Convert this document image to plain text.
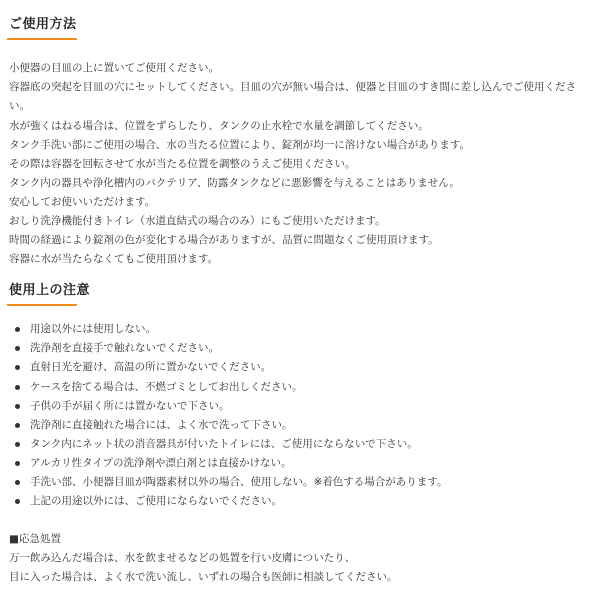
ご使用方法
小便器の目皿の上に置いてご使用ください。
容器底の突起を目皿の穴にセットしてください。目皿の穴が無い場合は、便器と目皿のすき間に差し込んでご使用くださ
い。
水が強くはねる場合は、位置をずらしたり、タンクの止水栓で水量を調節してください。
タンク手洗い部にご使用の場合、水の当たる位置により、錠剤が均一に溶けない場合があります。
その際は容器を回転させて水が当たる位置を調整のうえご使用ください。
タンク内の器具や浄化槽内のバクテリア、防露タンクなどに悪影響を与えることはありません。
安心してお使いいただけます。
おしり洗浄機能付きトイレ（水道直結式の場合のみ）にもご使用いただけます。
時間の経過により錠剤の色が変化する場合がありますが、品質に問題なくご使用頂けます。
容器に水が当たらなくてもご使用頂けます。
使用上の注意
用途以外には使用しない。
洗浄剤を直接手で触れないでください。
直射日光を避け、高温の所に置かないでください。
ケースを捨てる場合は、不燃ゴミとしてお出しください。
子供の手が届く所には置かないで下さい。
洗浄剤に直接触れた場合には、よく水で洗って下さい。
タンク内にネット状の消音器具が付いたトイレには、ご使用にならないで下さい。
アルカリ性タイプの洗浄剤や漂白剤とは直接かけない。
手洗い部、小便器目皿が陶器素材以外の場合、使用しない。※着色する場合があります。
上記の用途以外には、ご使用にならないでください。
■応急処置
万一飲み込んだ場合は、水を飲ませるなどの処置を行い皮膚についたり、
目に入った場合は、よく水で洗い流し、いずれの場合も医師に相談してください。
